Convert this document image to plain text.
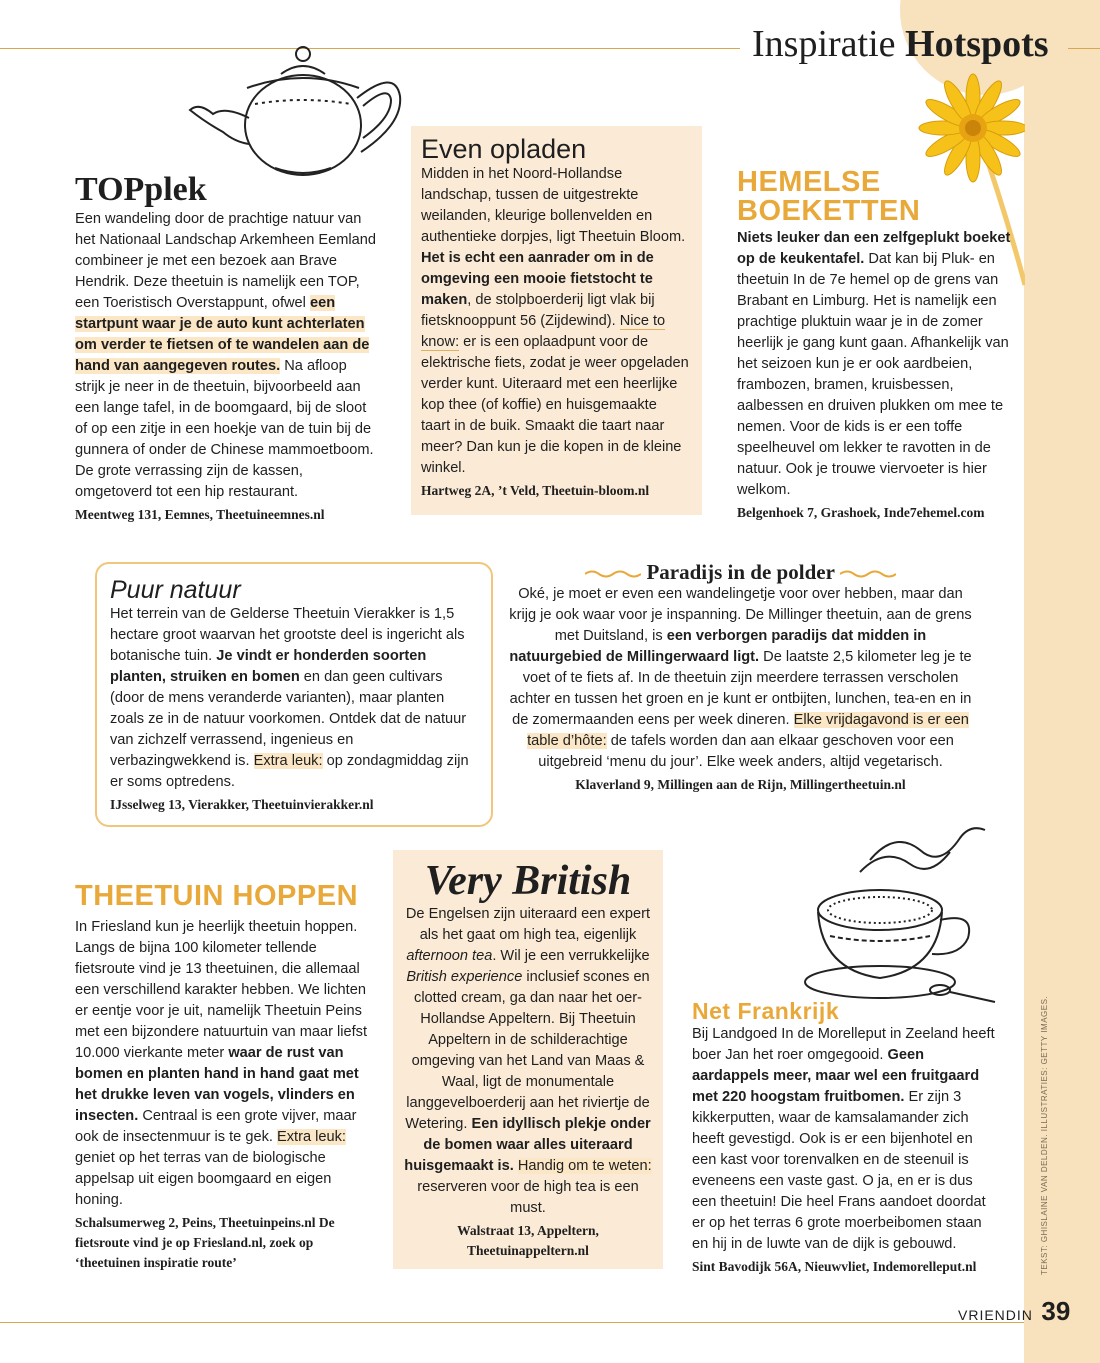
Inspiratie Hotspots
TOPplek

Een wandeling door de prachtige natuur van het Nationaal Landschap Arkemheen Eemland combineer je met een bezoek aan Brave Hendrik. Deze theetuin is namelijk een TOP, een Toeristisch Overstappunt, ofwel een startpunt waar je de auto kunt achterlaten om verder te fietsen of te wandelen aan de hand van aangegeven routes. Na afloop strijk je neer in de theetuin, bijvoorbeeld aan een lange tafel, in de boomgaard, bij de sloot of op een zitje in een hoekje van de tuin bij de gunnera of onder de Chinese mammoetboom. De grote verrassing zijn de kassen, omgetoverd tot een hip restaurant.

Meentweg 131, Eemnes, Theetuineemnes.nl
Even opladen

Midden in het Noord-Hollandse landschap, tussen de uitgestrekte weilanden, kleurige bollenvelden en authentieke dorpjes, ligt Theetuin Bloom. Het is echt een aanrader om in de omgeving een mooie fietstocht te maken, de stolpboerderij ligt vlak bij fietsknooppunt 56 (Zijdewind). Nice to know: er is een oplaadpunt voor de elektrische fiets, zodat je weer opgeladen verder kunt. Uiteraard met een heerlijke kop thee (of koffie) en huisgemaakte taart in de buik. Smaakt die taart naar meer? Dan kun je die kopen in de kleine winkel.

Hartweg 2A, ’t Veld, Theetuin-bloom.nl
HEMELSE BOEKETTEN

Niets leuker dan een zelfgeplukt boeket op de keukentafel. Dat kan bij Pluk- en theetuin In de 7e hemel op de grens van Brabant en Limburg. Het is namelijk een prachtige pluktuin waar je in de zomer heerlijk je gang kunt gaan. Afhankelijk van het seizoen kun je er ook aardbeien, frambozen, bramen, kruisbessen, aalbessen en druiven plukken om mee te nemen. Voor de kids is er een toffe speelheuvel om lekker te ravotten in de natuur. Ook je trouwe viervoeter is hier welkom.

Belgenhoek 7, Grashoek, Inde7ehemel.com
Puur natuur

Het terrein van de Gelderse Theetuin Vierakker is 1,5 hectare groot waarvan het grootste deel is ingericht als botanische tuin. Je vindt er honderden soorten planten, struiken en bomen en dan geen cultivars (door de mens veranderde varianten), maar planten zoals ze in de natuur voorkomen. Ontdek dat de natuur van zichzelf verrassend, ingenieus en verbazingwekkend is. Extra leuk: op zondagmiddag zijn er soms optredens.

IJsselweg 13, Vierakker, Theetuinvierakker.nl
Paradijs in de polder

Oké, je moet er even een wandelingetje voor over hebben, maar dan krijg je ook waar voor je inspanning. De Millinger theetuin, aan de grens met Duitsland, is een verborgen paradijs dat midden in natuurgebied de Millingerwaard ligt. De laatste 2,5 kilometer leg je te voet of te fiets af. In de theetuin zijn meerdere terrassen verscholen achter en tussen het groen en je kunt er ontbijten, lunchen, tea-en en in de zomermaanden eens per week dineren. Elke vrijdagavond is er een table d’hôte: de tafels worden dan aan elkaar geschoven voor een uitgebreid ‘menu du jour’. Elke week anders, altijd vegetarisch.

Klaverland 9, Millingen aan de Rijn, Millingertheetuin.nl
THEETUIN HOPPEN

In Friesland kun je heerlijk theetuin hoppen. Langs de bijna 100 kilometer tellende fietsroute vind je 13 theetuinen, die allemaal een verschillend karakter hebben. We lichten er eentje voor je uit, namelijk Theetuin Peins met een bijzondere natuurtuin van maar liefst 10.000 vierkante meter waar de rust van bomen en planten hand in hand gaat met het drukke leven van vogels, vlinders en insecten. Centraal is een grote vijver, maar ook de insectenmuur is te gek. Extra leuk: geniet op het terras van de biologische appelsap uit eigen boomgaard en eigen honing.

Schalsumerweg 2, Peins, Theetuinpeins.nl De fietsroute vind je op Friesland.nl, zoek op ‘theetuinen inspiratie route’
Very British

De Engelsen zijn uiteraard een expert als het gaat om high tea, eigenlijk afternoon tea. Wil je een verrukkelijke British experience inclusief scones en clotted cream, ga dan naar het oer-Hollandse Appeltern. Bij Theetuin Appeltern in de schilderachtige omgeving van het Land van Maas & Waal, ligt de monumentale langgevelboerderij aan het riviertje de Wetering. Een idyllisch plekje onder de bomen waar alles uiteraard huisgemaakt is. Handig om te weten: reserveren voor de high tea is een must.

Walstraat 13, Appeltern, Theetuinappeltern.nl
Net Frankrijk

Bij Landgoed In de Morelleput in Zeeland heeft boer Jan het roer omgegooid. Geen aardappels meer, maar wel een fruitgaard met 220 hoogstam fruitbomen. Er zijn 3 kikkerputten, waar de kamsalamander zich heeft gevestigd. Ook is er een bijenhotel en een kast voor torenvalken en de steenuil is eveneens een vaste gast. O ja, en er is dus een theetuin! Die heel Frans aandoet doordat er op het terras 6 grote moerbeibomen staan en hij in de luwte van de dijk is gebouwd.

Sint Bavodijk 56A, Nieuwvliet, Indemorelleput.nl	TEKST: GHISLAINE VAN DELDEN. ILLUSTRATIES: GETTY IMAGES.
VRIENDIN 39
